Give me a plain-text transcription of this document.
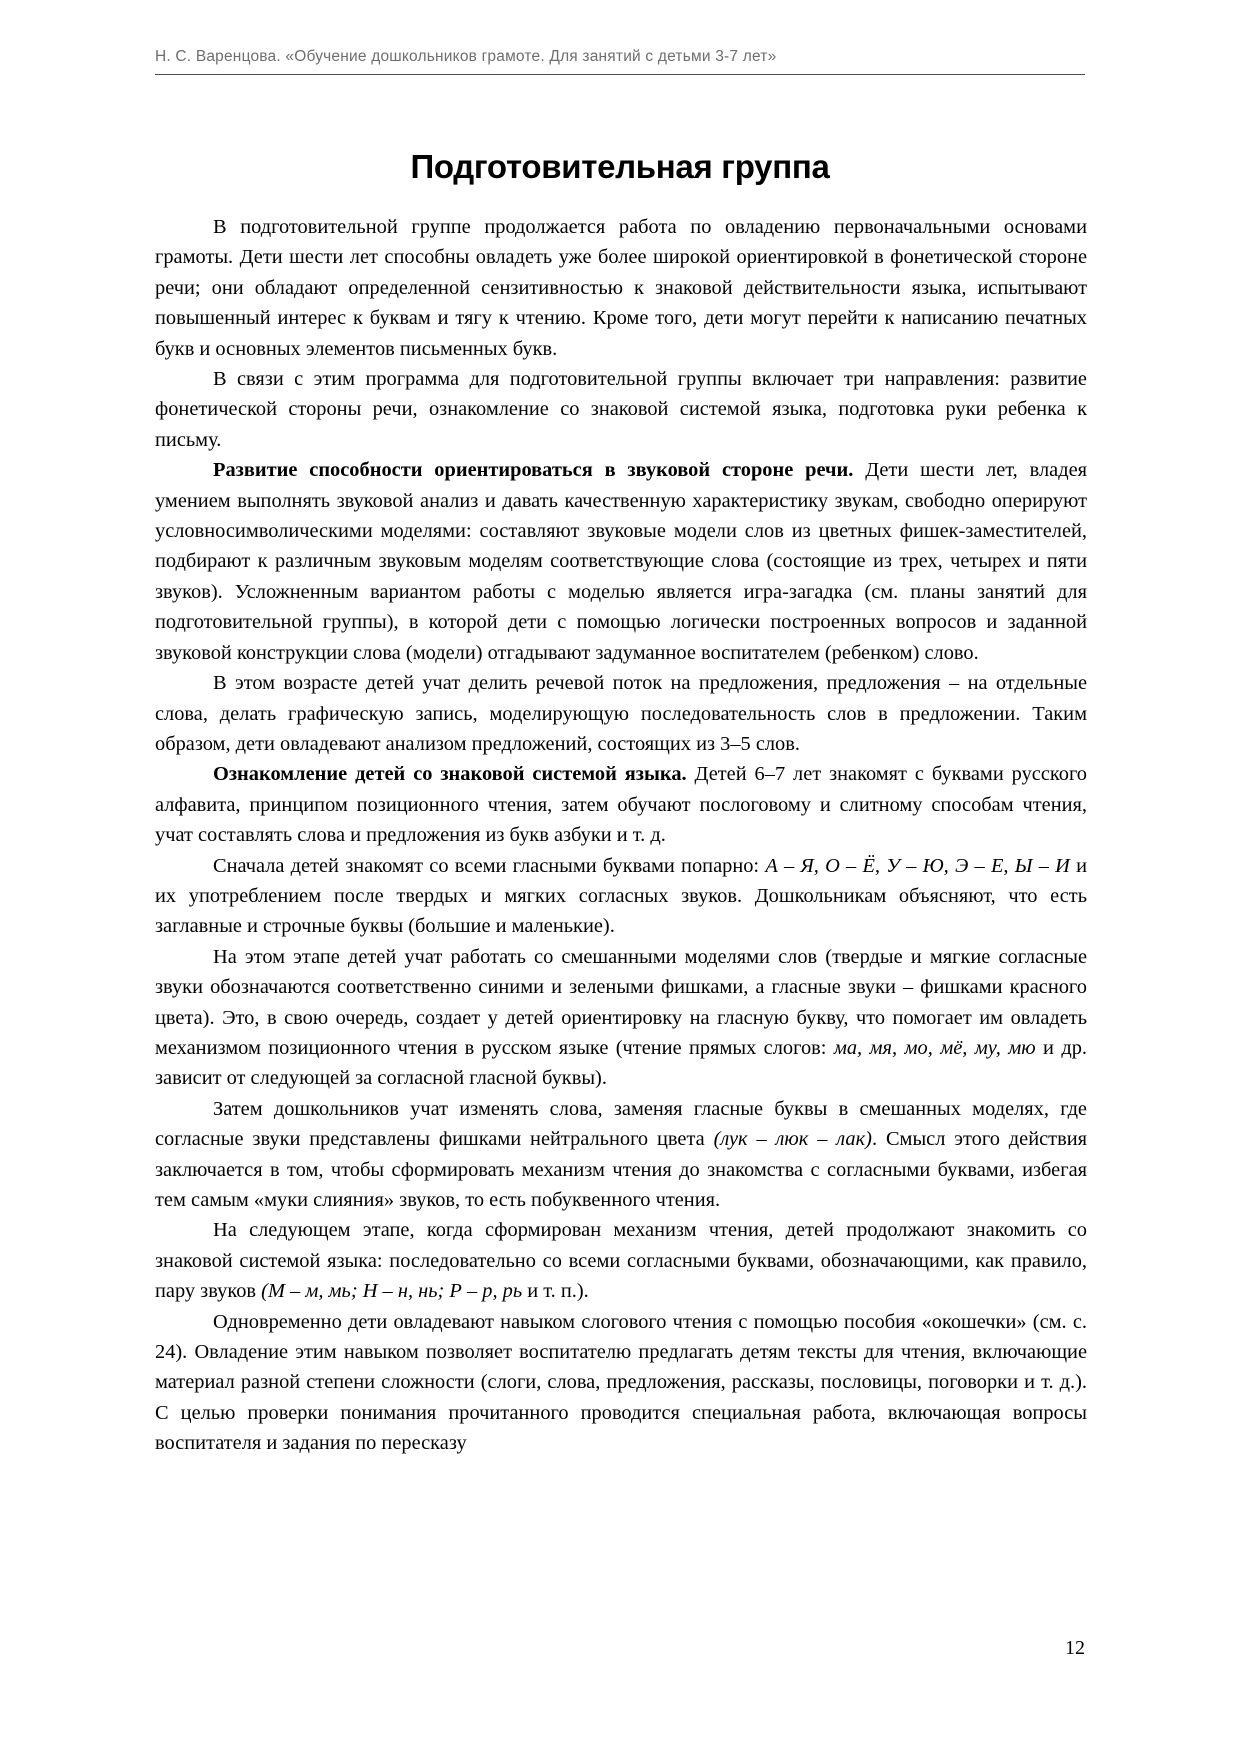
Н. С. Варенцова. «Обучение дошкольников грамоте. Для занятий с детьми 3-7 лет»
Подготовительная группа

В подготовительной группе продолжается работа по овладению первоначальными основами грамоты. Дети шести лет способны овладеть уже более широкой ориентировкой в фонетической стороне речи; они обладают определенной сензитивностью к знаковой действительности языка, испытывают повышенный интерес к буквам и тягу к чтению. Кроме того, дети могут перейти к написанию печатных букв и основных элементов письменных букв.

В связи с этим программа для подготовительной группы включает три направления: развитие фонетической стороны речи, ознакомление со знаковой системой языка, подготовка руки ребенка к письму.

Развитие способности ориентироваться в звуковой стороне речи. Дети шести лет, владея умением выполнять звуковой анализ и давать качественную характеристику звукам, свободно оперируют условносимволическими моделями: составляют звуковые модели слов из цветных фишек-заместителей, подбирают к различным звуковым моделям соответствующие слова (состоящие из трех, четырех и пяти звуков). Усложненным вариантом работы с моделью является игра-загадка (см. планы занятий для подготовительной группы), в которой дети с помощью логически построенных вопросов и заданной звуковой конструкции слова (модели) отгадывают задуманное воспитателем (ребенком) слово.

В этом возрасте детей учат делить речевой поток на предложения, предложения – на отдельные слова, делать графическую запись, моделирующую последовательность слов в предложении. Таким образом, дети овладевают анализом предложений, состоящих из 3–5 слов.

Ознакомление детей со знаковой системой языка. Детей 6–7 лет знакомят с буквами русского алфавита, принципом позиционного чтения, затем обучают послоговому и слитному способам чтения, учат составлять слова и предложения из букв азбуки и т. д.

Сначала детей знакомят со всеми гласными буквами попарно: А – Я, О – Ё, У – Ю, Э – Е, Ы – И и их употреблением после твердых и мягких согласных звуков. Дошкольникам объясняют, что есть заглавные и строчные буквы (большие и маленькие).

На этом этапе детей учат работать со смешанными моделями слов (твердые и мягкие согласные звуки обозначаются соответственно синими и зелеными фишками, а гласные звуки – фишками красного цвета). Это, в свою очередь, создает у детей ориентировку на гласную букву, что помогает им овладеть механизмом позиционного чтения в русском языке (чтение прямых слогов: ма, мя, мо, мё, му, мю и др. зависит от следующей за согласной гласной буквы).

Затем дошкольников учат изменять слова, заменяя гласные буквы в смешанных моделях, где согласные звуки представлены фишками нейтрального цвета (лук – люк – лак). Смысл этого действия заключается в том, чтобы сформировать механизм чтения до знакомства с согласными буквами, избегая тем самым «муки слияния» звуков, то есть побуквенного чтения.

На следующем этапе, когда сформирован механизм чтения, детей продолжают знакомить со знаковой системой языка: последовательно со всеми согласными буквами, обозначающими, как правило, пару звуков (М – м, мь; Н – н, нь; Р – р, рь и т. п.).

Одновременно дети овладевают навыком слогового чтения с помощью пособия «окошечки» (см. с. 24). Овладение этим навыком позволяет воспитателю предлагать детям тексты для чтения, включающие материал разной степени сложности (слоги, слова, предложения, рассказы, пословицы, поговорки и т. д.). С целью проверки понимания прочитанного проводится специальная работа, включающая вопросы воспитателя и задания по пересказу

12
